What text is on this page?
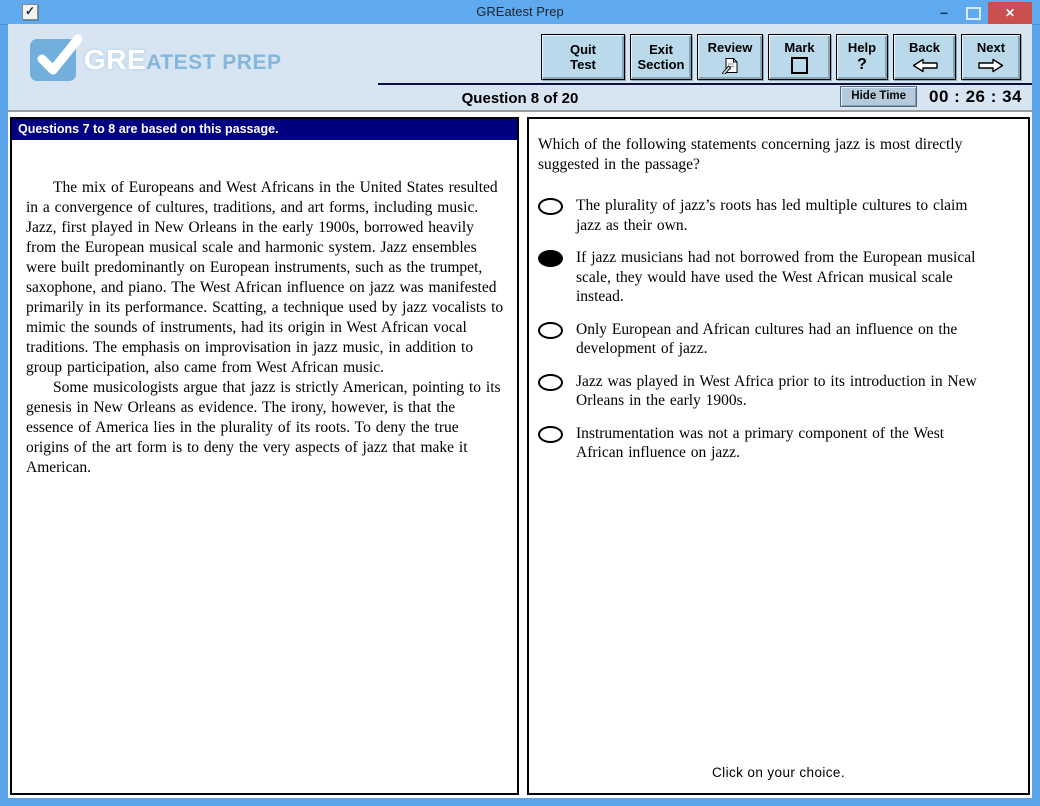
✓	GREatest Prep	–	✕
GREATEST PREP
Quit
Test
Exit
Section
Review Mark	Help
?
Back	Next
Question 8 of 20	Hide Time	00 : 26 : 34
Questions 7 to 8 are based on this passage.

The mix of Europeans and West Africans in the United States resulted in a convergence of cultures, traditions, and art forms, including music. Jazz, first played in New Orleans in the early 1900s, borrowed heavily from the European musical scale and harmonic system. Jazz ensembles were built predominantly on European instruments, such as the trumpet, saxophone, and piano. The West African influence on jazz was manifested primarily in its performance. Scatting, a technique used by jazz vocalists to mimic the sounds of instruments, had its origin in West African vocal traditions. The emphasis on improvisation in jazz music, in addition to group participation, also came from West African music.

Some musicologists argue that jazz is strictly American, pointing to its genesis in New Orleans as evidence. The irony, however, is that the essence of America lies in the plurality of its roots. To deny the true origins of the art form is to deny the very aspects of jazz that make it American.

Which of the following statements concerning jazz is most directly suggested in the passage?
The plurality of jazz’s roots has led multiple cultures to claim jazz as their own.
If jazz musicians had not borrowed from the European musical scale, they would have used the West African musical scale instead.
Only European and African cultures had an influence on the development of jazz.
Jazz was played in West Africa prior to its introduction in New Orleans in the early 1900s.
Instrumentation was not a primary component of the West African influence on jazz.
Click on your choice.
